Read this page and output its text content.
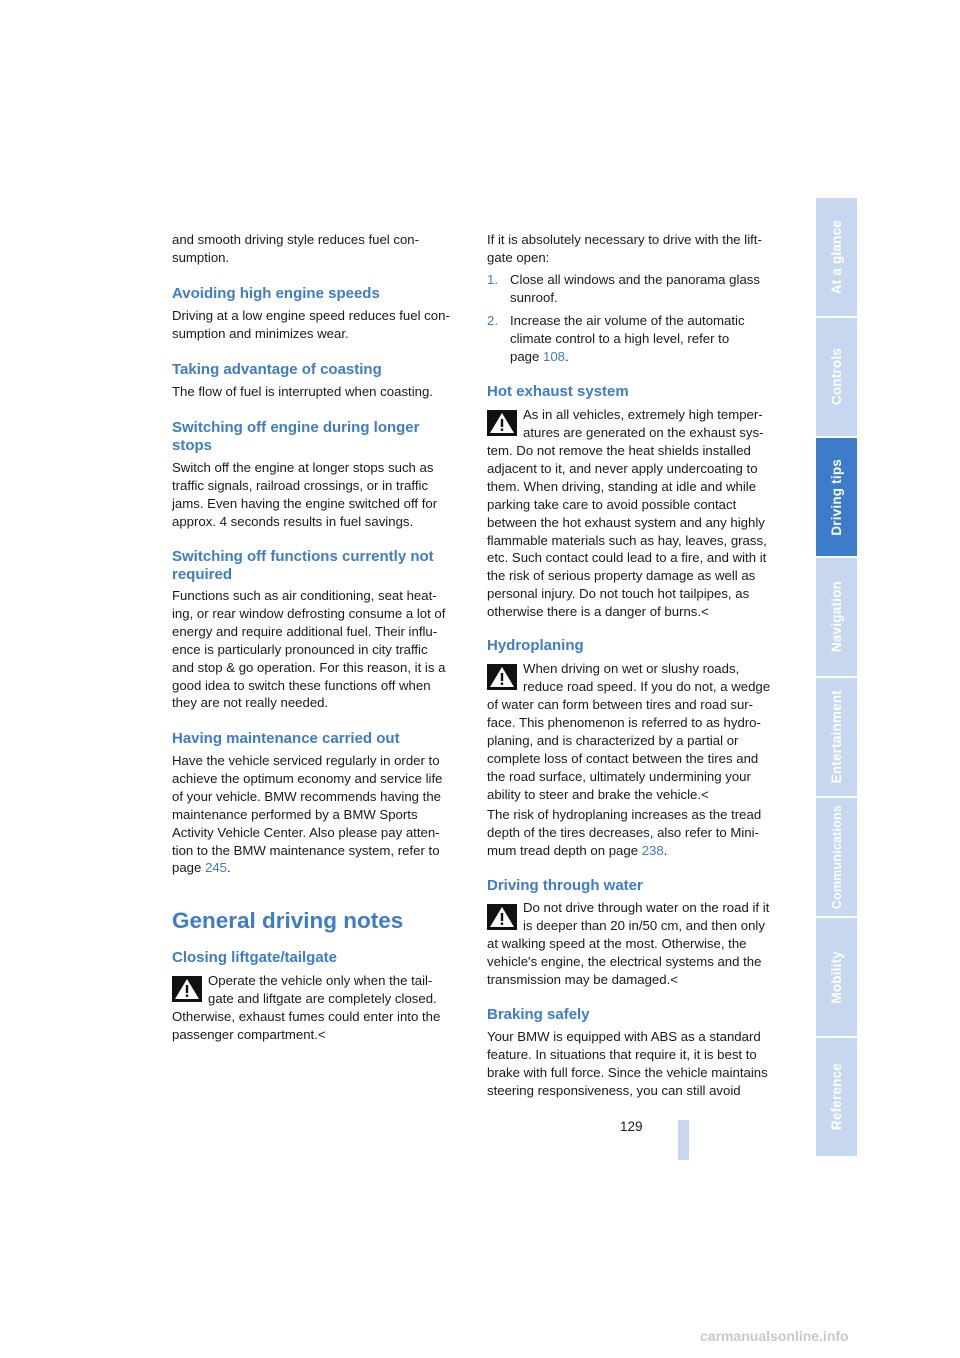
and smooth driving style reduces fuel con-
sumption.
Avoiding high engine speeds
Driving at a low engine speed reduces fuel con-
sumption and minimizes wear.
Taking advantage of coasting
The flow of fuel is interrupted when coasting.
Switching off engine during longer
stops
Switch off the engine at longer stops such as
traffic signals, railroad crossings, or in traffic
jams. Even having the engine switched off for
approx. 4 seconds results in fuel savings.
Switching off functions currently not
required
Functions such as air conditioning, seat heat-
ing, or rear window defrosting consume a lot of
energy and require additional fuel. Their influ-
ence is particularly pronounced in city traffic
and stop & go operation. For this reason, it is a
good idea to switch these functions off when
they are not really needed.
Having maintenance carried out
Have the vehicle serviced regularly in order to
achieve the optimum economy and service life
of your vehicle. BMW recommends having the
maintenance performed by a BMW Sports
Activity Vehicle Center. Also please pay atten-
tion to the BMW maintenance system, refer to
page 245.
General driving notes
Closing liftgate/tailgate
Operate the vehicle only when the tail-
gate and liftgate are completely closed.
Otherwise, exhaust fumes could enter into the
passenger compartment.<
If it is absolutely necessary to drive with the lift-
gate open:
1. Close all windows and the panorama glass
sunroof.
2. Increase the air volume of the automatic
climate control to a high level, refer to
page 108.
Hot exhaust system
As in all vehicles, extremely high temper-
atures are generated on the exhaust sys-
tem. Do not remove the heat shields installed
adjacent to it, and never apply undercoating to
them. When driving, standing at idle and while
parking take care to avoid possible contact
between the hot exhaust system and any highly
flammable materials such as hay, leaves, grass,
etc. Such contact could lead to a fire, and with it
the risk of serious property damage as well as
personal injury. Do not touch hot tailpipes, as
otherwise there is a danger of burns.<
Hydroplaning
When driving on wet or slushy roads,
reduce road speed. If you do not, a wedge
of water can form between tires and road sur-
face. This phenomenon is referred to as hydro-
planing, and is characterized by a partial or
complete loss of contact between the tires and
the road surface, ultimately undermining your
ability to steer and brake the vehicle.<
The risk of hydroplaning increases as the tread
depth of the tires decreases, also refer to Mini-
mum tread depth on page 238.
Driving through water
Do not drive through water on the road if it
is deeper than 20 in/50 cm, and then only
at walking speed at the most. Otherwise, the
vehicle's engine, the electrical systems and the
transmission may be damaged.<
Braking safely
Your BMW is equipped with ABS as a standard
feature. In situations that require it, it is best to
brake with full force. Since the vehicle maintains
steering responsiveness, you can still avoid
129
At a glance
Controls
Driving tips
Navigation
Entertainment
Communications
Mobility
Reference
carmanualsonline.info
